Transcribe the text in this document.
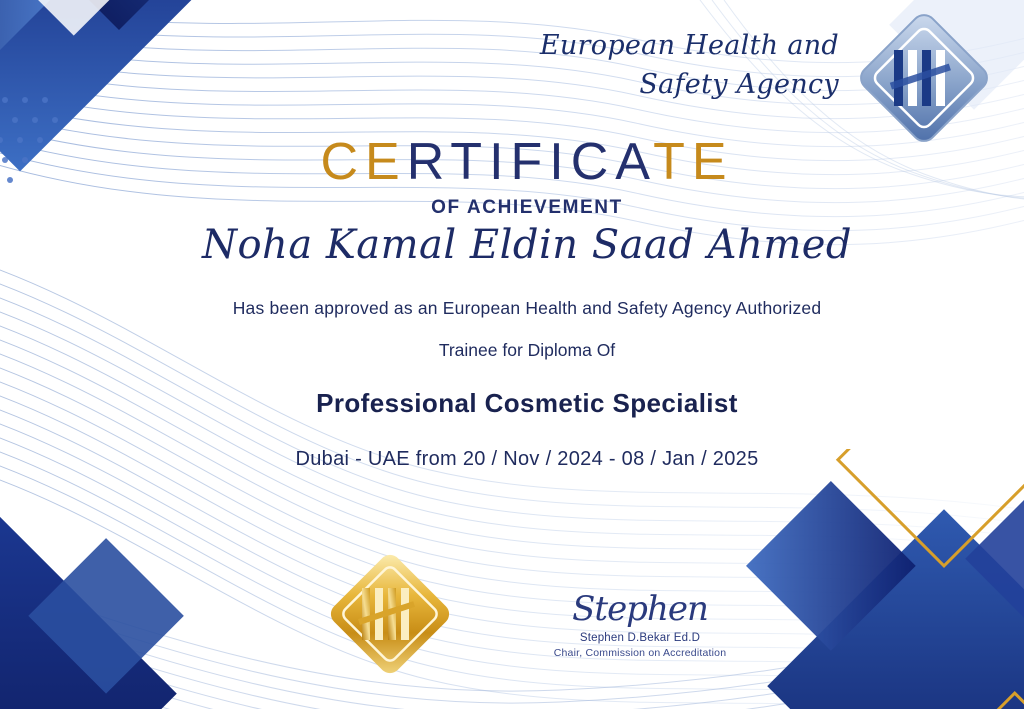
European Health and
Safety Agency
CERTIFICATE
OF ACHIEVEMENT
Noha Kamal Eldin Saad Ahmed
Has been approved as an European Health and Safety Agency Authorized
Trainee for Diploma Of
Professional Cosmetic Specialist
Dubai - UAE from 20 / Nov / 2024 - 08 / Jan / 2025
Stephen
Stephen D.Bekar Ed.D
Chair, Commission on Accreditation
